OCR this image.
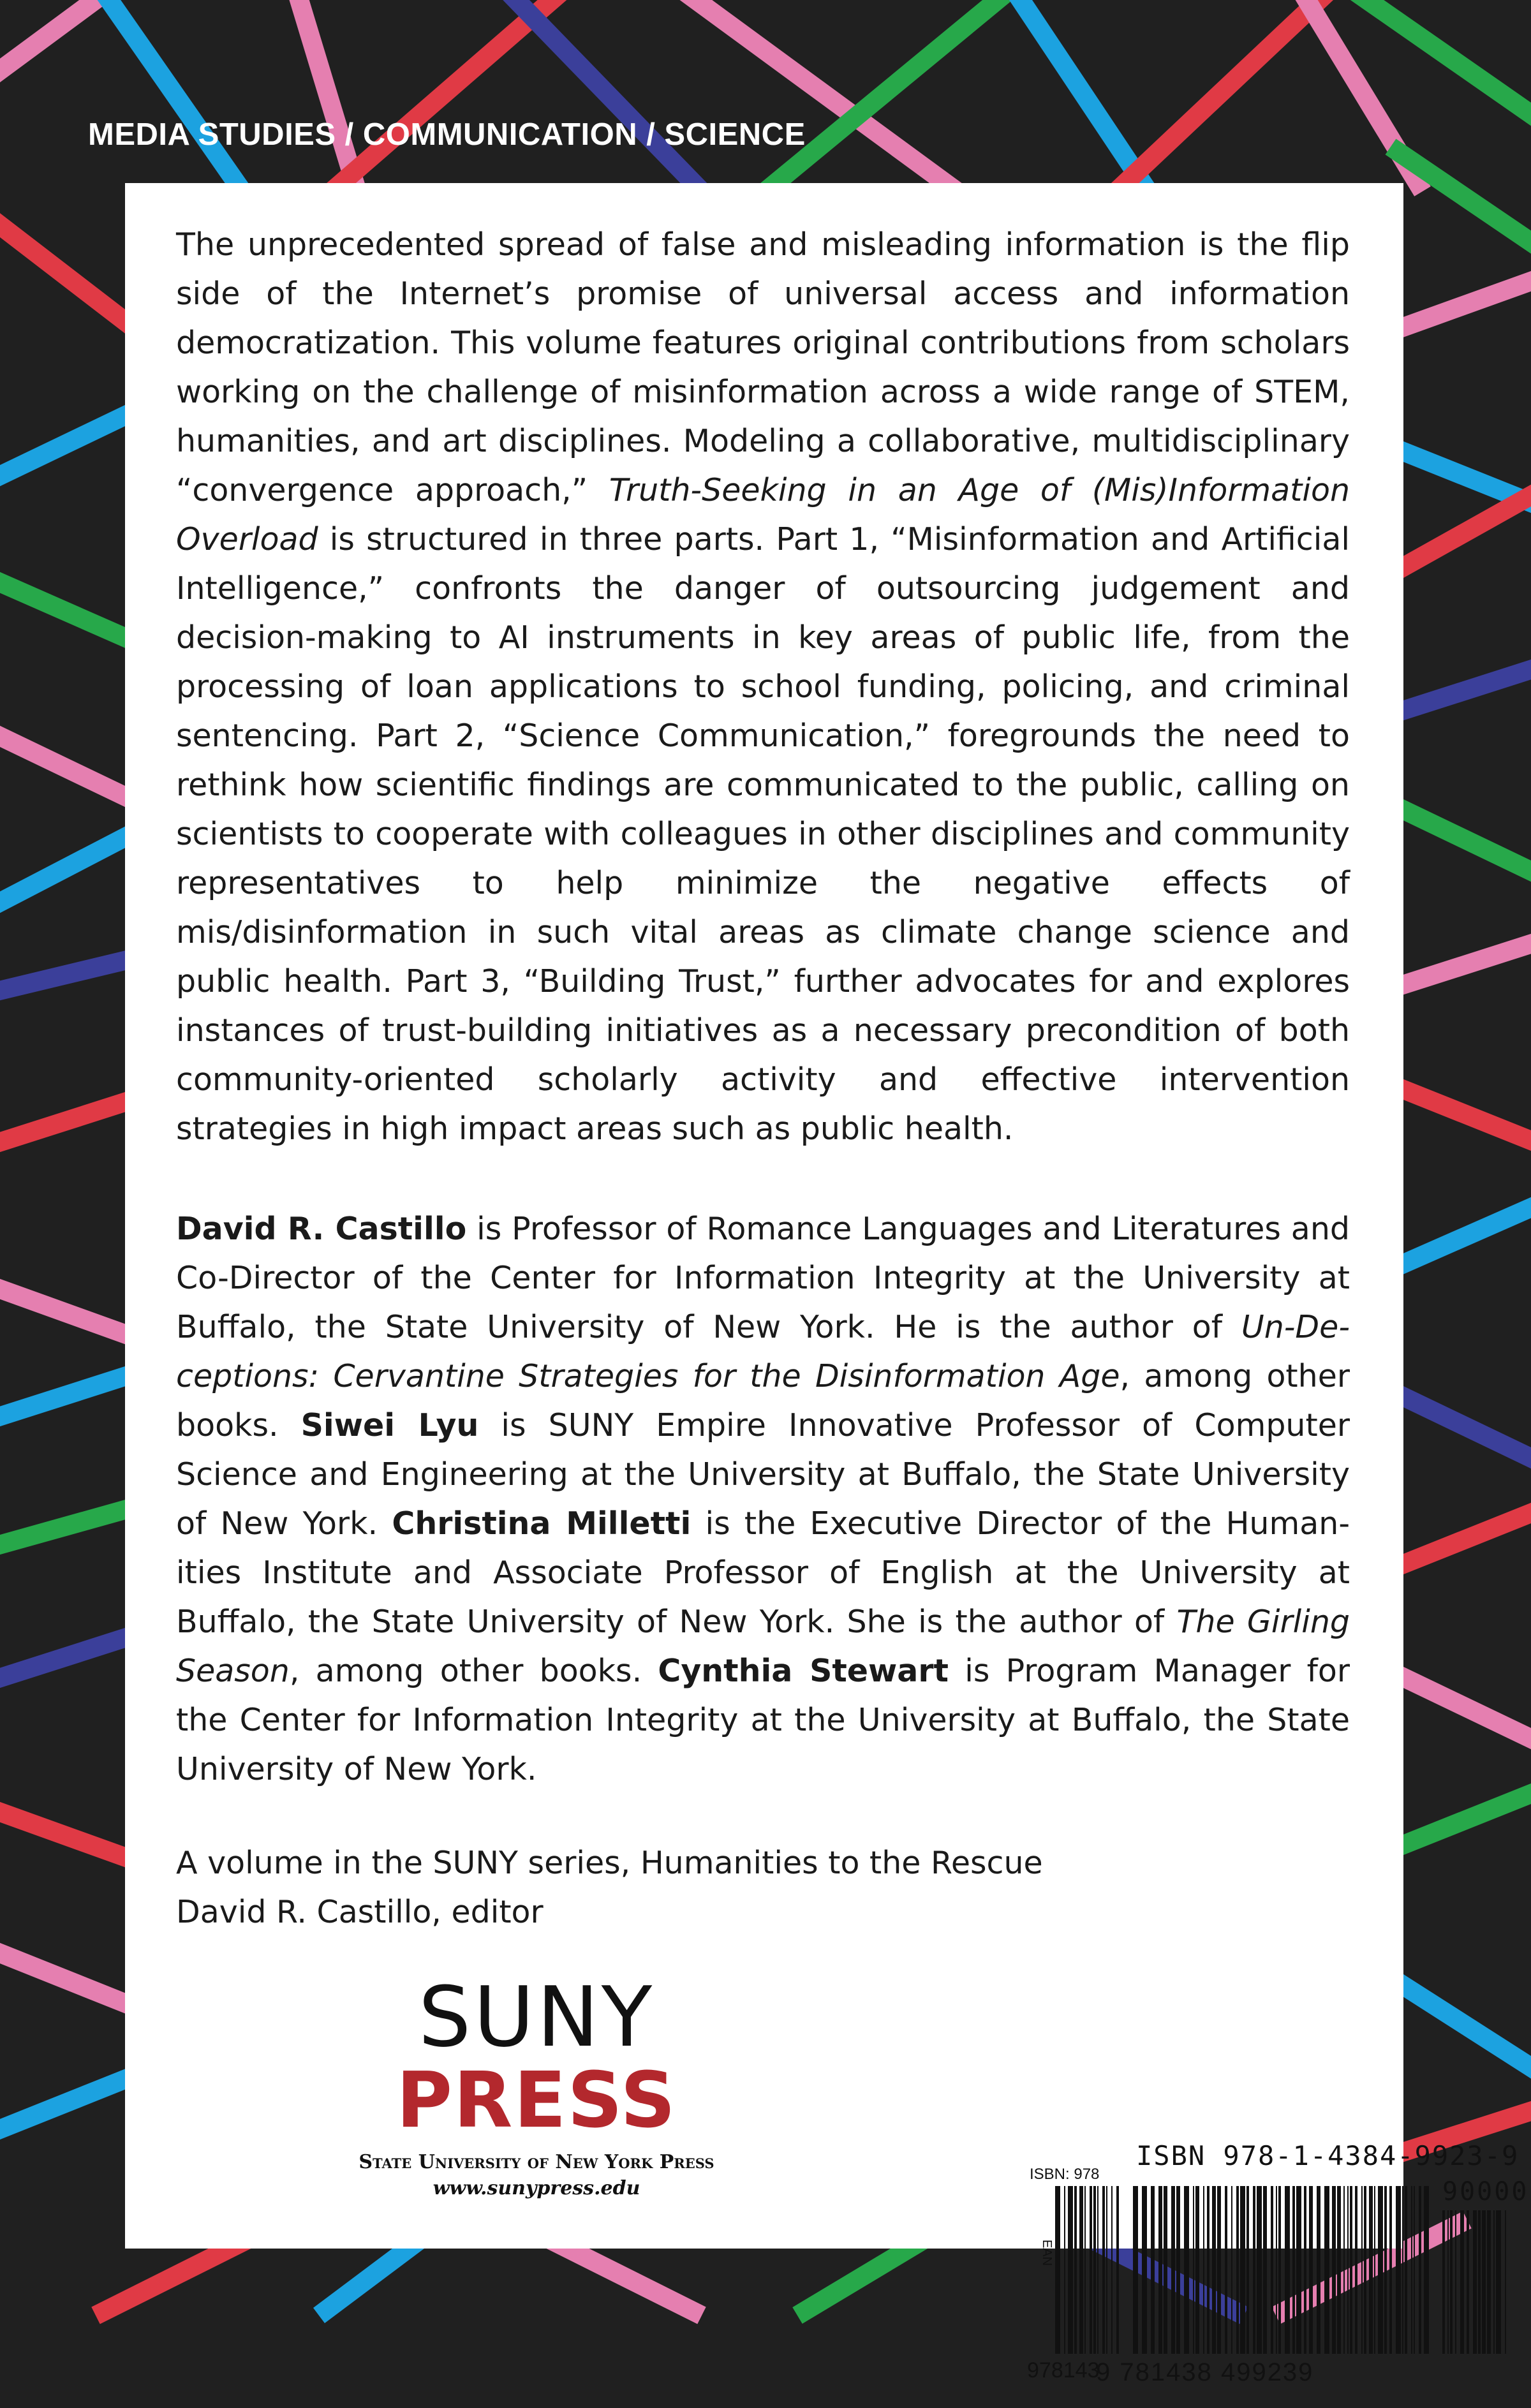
MEDIA STUDIES / COMMUNICATION / SCIENCE

The unprecedented spread of false and misleading information is the flip side of the Internet’s promise of universal access and information democratization. This volume features original contributions from scholars working on the challenge of misinformation across a wide range of STEM, humanities, and art disciplines. Modeling a collaborative, multidisciplinary “convergence approach,” Truth-Seeking in an Age of (Mis)Information Overload is structured in three parts. Part 1, “Misinformation and Artificial Intelligence,” confronts the danger of outsourcing judgement and decision-making to AI instruments in key areas of public life, from the processing of loan applications to school funding, policing, and criminal sentencing. Part 2, “Science Communication,” foregrounds the need to rethink how scientific findings are communicated to the public, calling on scientists to cooperate with colleagues in other disciplines and community representatives to help minimize the negative effects of mis/disinformation in such vital areas as climate change science and public health. Part 3, “Building Trust,” further advocates for and explores instances of trust-building initiatives as a necessary precondition of both community-oriented scholarly activity and effective intervention strategies in high impact areas such as public health.

David R. Castillo is Professor of Romance Languages and Literatures and Co-Director of the Center for Information Integrity at the University at Buffalo, the State University of New York. He is the author of Un-Deceptions: Cervantine Strategies for the Disinformation Age, among other books. Siwei Lyu is SUNY Empire Innovative Professor of Computer Science and Engineering at the University at Buffalo, the State University of New York. Christina Milletti is the Executive Director of the Humanities Institute and Associate Professor of English at the University at Buffalo, the State University of New York. She is the author of The Girling Season, among other books. Cynthia Stewart is Program Manager for the Center for Information Integrity at the University at Buffalo, the State University of New York.

A volume in the SUNY series, Humanities to the Rescue
David R. Castillo, editor

SUNY
PRESS
State University of New York Press
www.sunypress.edu
ISBN 978-1-4384-9923-9
ISBN: 978
EAN
90000
978143
9 781438 499239
